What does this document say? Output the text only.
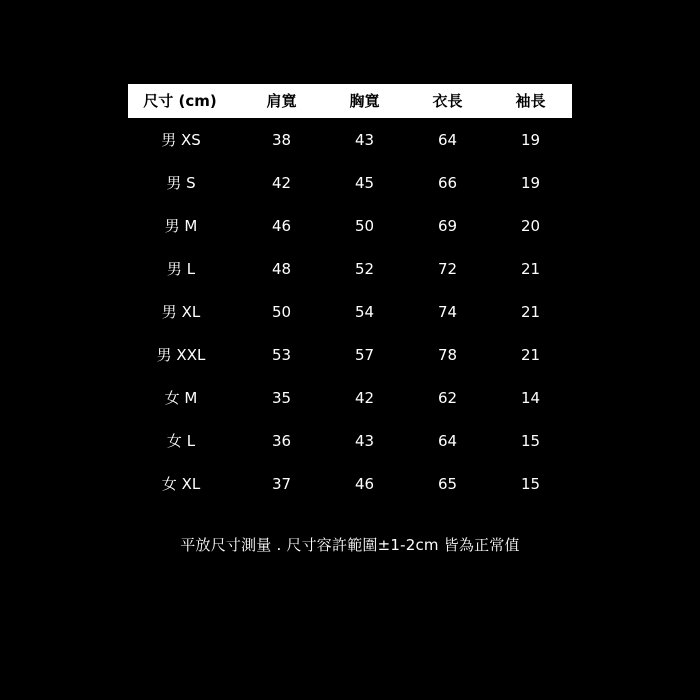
尺寸 (cm)	肩寬	胸寬	衣長	袖長
男 XS	38	43	64	19
男 S	42	45	66	19
男 M	46	50	69	20
男 L	48	52	72	21
男 XL	50	54	74	21
男 XXL	53	57	78	21
女 M	35	42	62	14
女 L	36	43	64	15
女 XL	37	46	65	15
平放尺寸測量 . 尺寸容許範圍±1-2cm 皆為正常值
